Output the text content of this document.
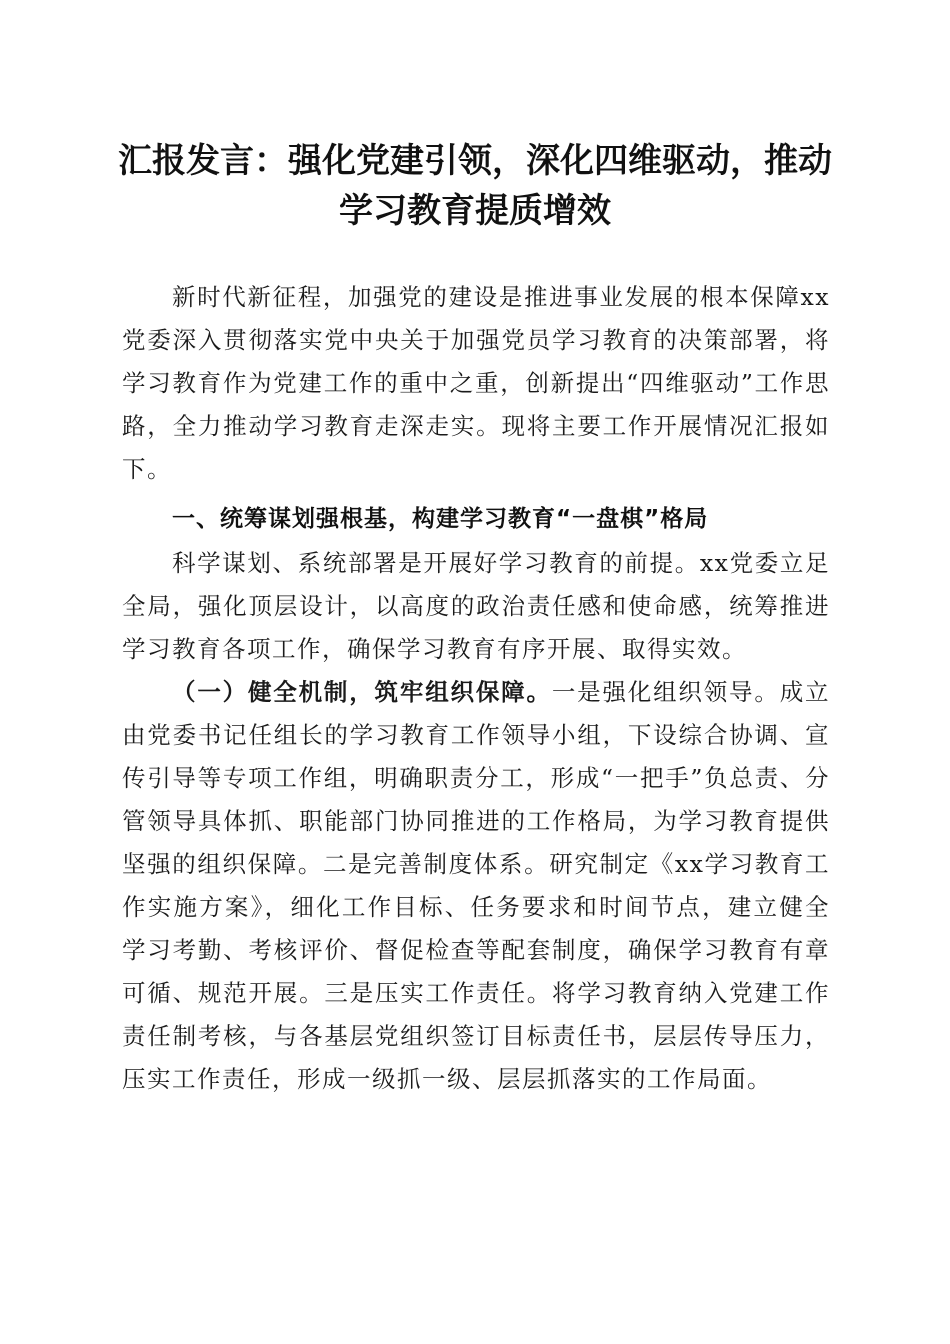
汇报发言：强化党建引领，深化四维驱动，推动学习教育提质增效

新时代新征程，加强党的建设是推进事业发展的根本保障xx党委深入贯彻落实党中央关于加强党员学习教育的决策部署，将学习教育作为党建工作的重中之重，创新提出“四维驱动”工作思路，全力推动学习教育走深走实。现将主要工作开展情况汇报如下。

一、统筹谋划强根基，构建学习教育“一盘棋”格局

科学谋划、系统部署是开展好学习教育的前提。xx党委立足全局，强化顶层设计，以高度的政治责任感和使命感，统筹推进学习教育各项工作，确保学习教育有序开展、取得实效。

（一）健全机制，筑牢组织保障。一是强化组织领导。成立由党委书记任组长的学习教育工作领导小组，下设综合协调、宣传引导等专项工作组，明确职责分工，形成“一把手”负总责、分管领导具体抓、职能部门协同推进的工作格局，为学习教育提供坚强的组织保障。二是完善制度体系。研究制定《xx学习教育工作实施方案》，细化工作目标、任务要求和时间节点，建立健全学习考勤、考核评价、督促检查等配套制度，确保学习教育有章可循、规范开展。三是压实工作责任。将学习教育纳入党建工作责任制考核，与各基层党组织签订目标责任书，层层传导压力，压实工作责任，形成一级抓一级、层层抓落实的工作局面。
